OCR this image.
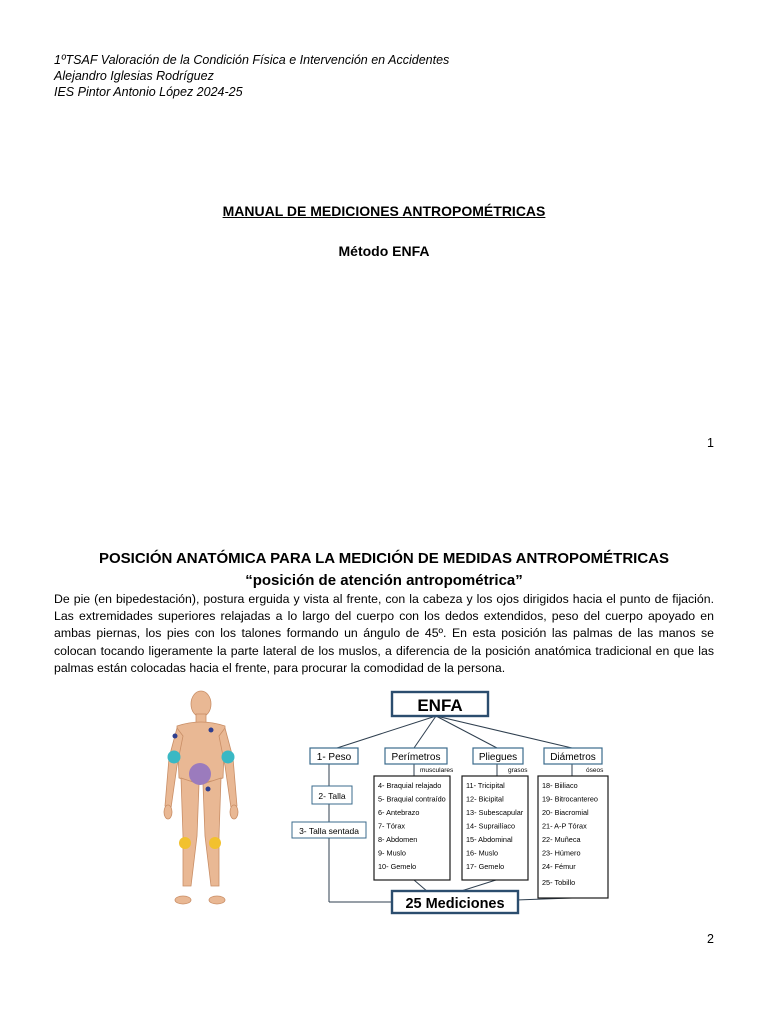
1ºTSAF Valoración de la Condición Física e Intervención en Accidentes
Alejandro Iglesias Rodríguez
IES Pintor Antonio López 2024-25
MANUAL DE MEDICIONES ANTROPOMÉTRICAS
Método ENFA
1
POSICIÓN ANATÓMICA PARA LA MEDICIÓN DE MEDIDAS ANTROPOMÉTRICAS
“posición de atención antropométrica”
De pie (en bipedestación), postura erguida y vista al frente, con la cabeza y los ojos dirigidos hacia el punto de fijación. Las extremidades superiores relajadas a lo largo del cuerpo con los dedos extendidos, peso del cuerpo apoyado en ambas piernas, los pies con los talones formando un ángulo de 45º. En esta posición las palmas de las manos se colocan tocando ligeramente la parte lateral de los muslos, a diferencia de la posición anatómica tradicional en que las palmas están colocadas hacia el frente, para procurar la comodidad de la persona.
ENFA
1- Peso	Perímetros
musculares
Pliegues
grasos
Diámetros
óseos
2- Talla
3- Talla sentada
4- Braquial relajado
5- Braquial contraído
6- Antebrazo
7- Tórax
8- Abdomen
9- Muslo
10- Gemelo
11- Tricipital
12- Bicipital
13- Subescapular
14- Suprailíaco
15- Abdominal
16- Muslo
17- Gemelo
18- Biiliaco
19- Bitrocantereo
20- Biacromial
21- A-P Tórax
22- Muñeca
23- Húmero
24- Fémur
25- Tobillo
25 Mediciones
2
